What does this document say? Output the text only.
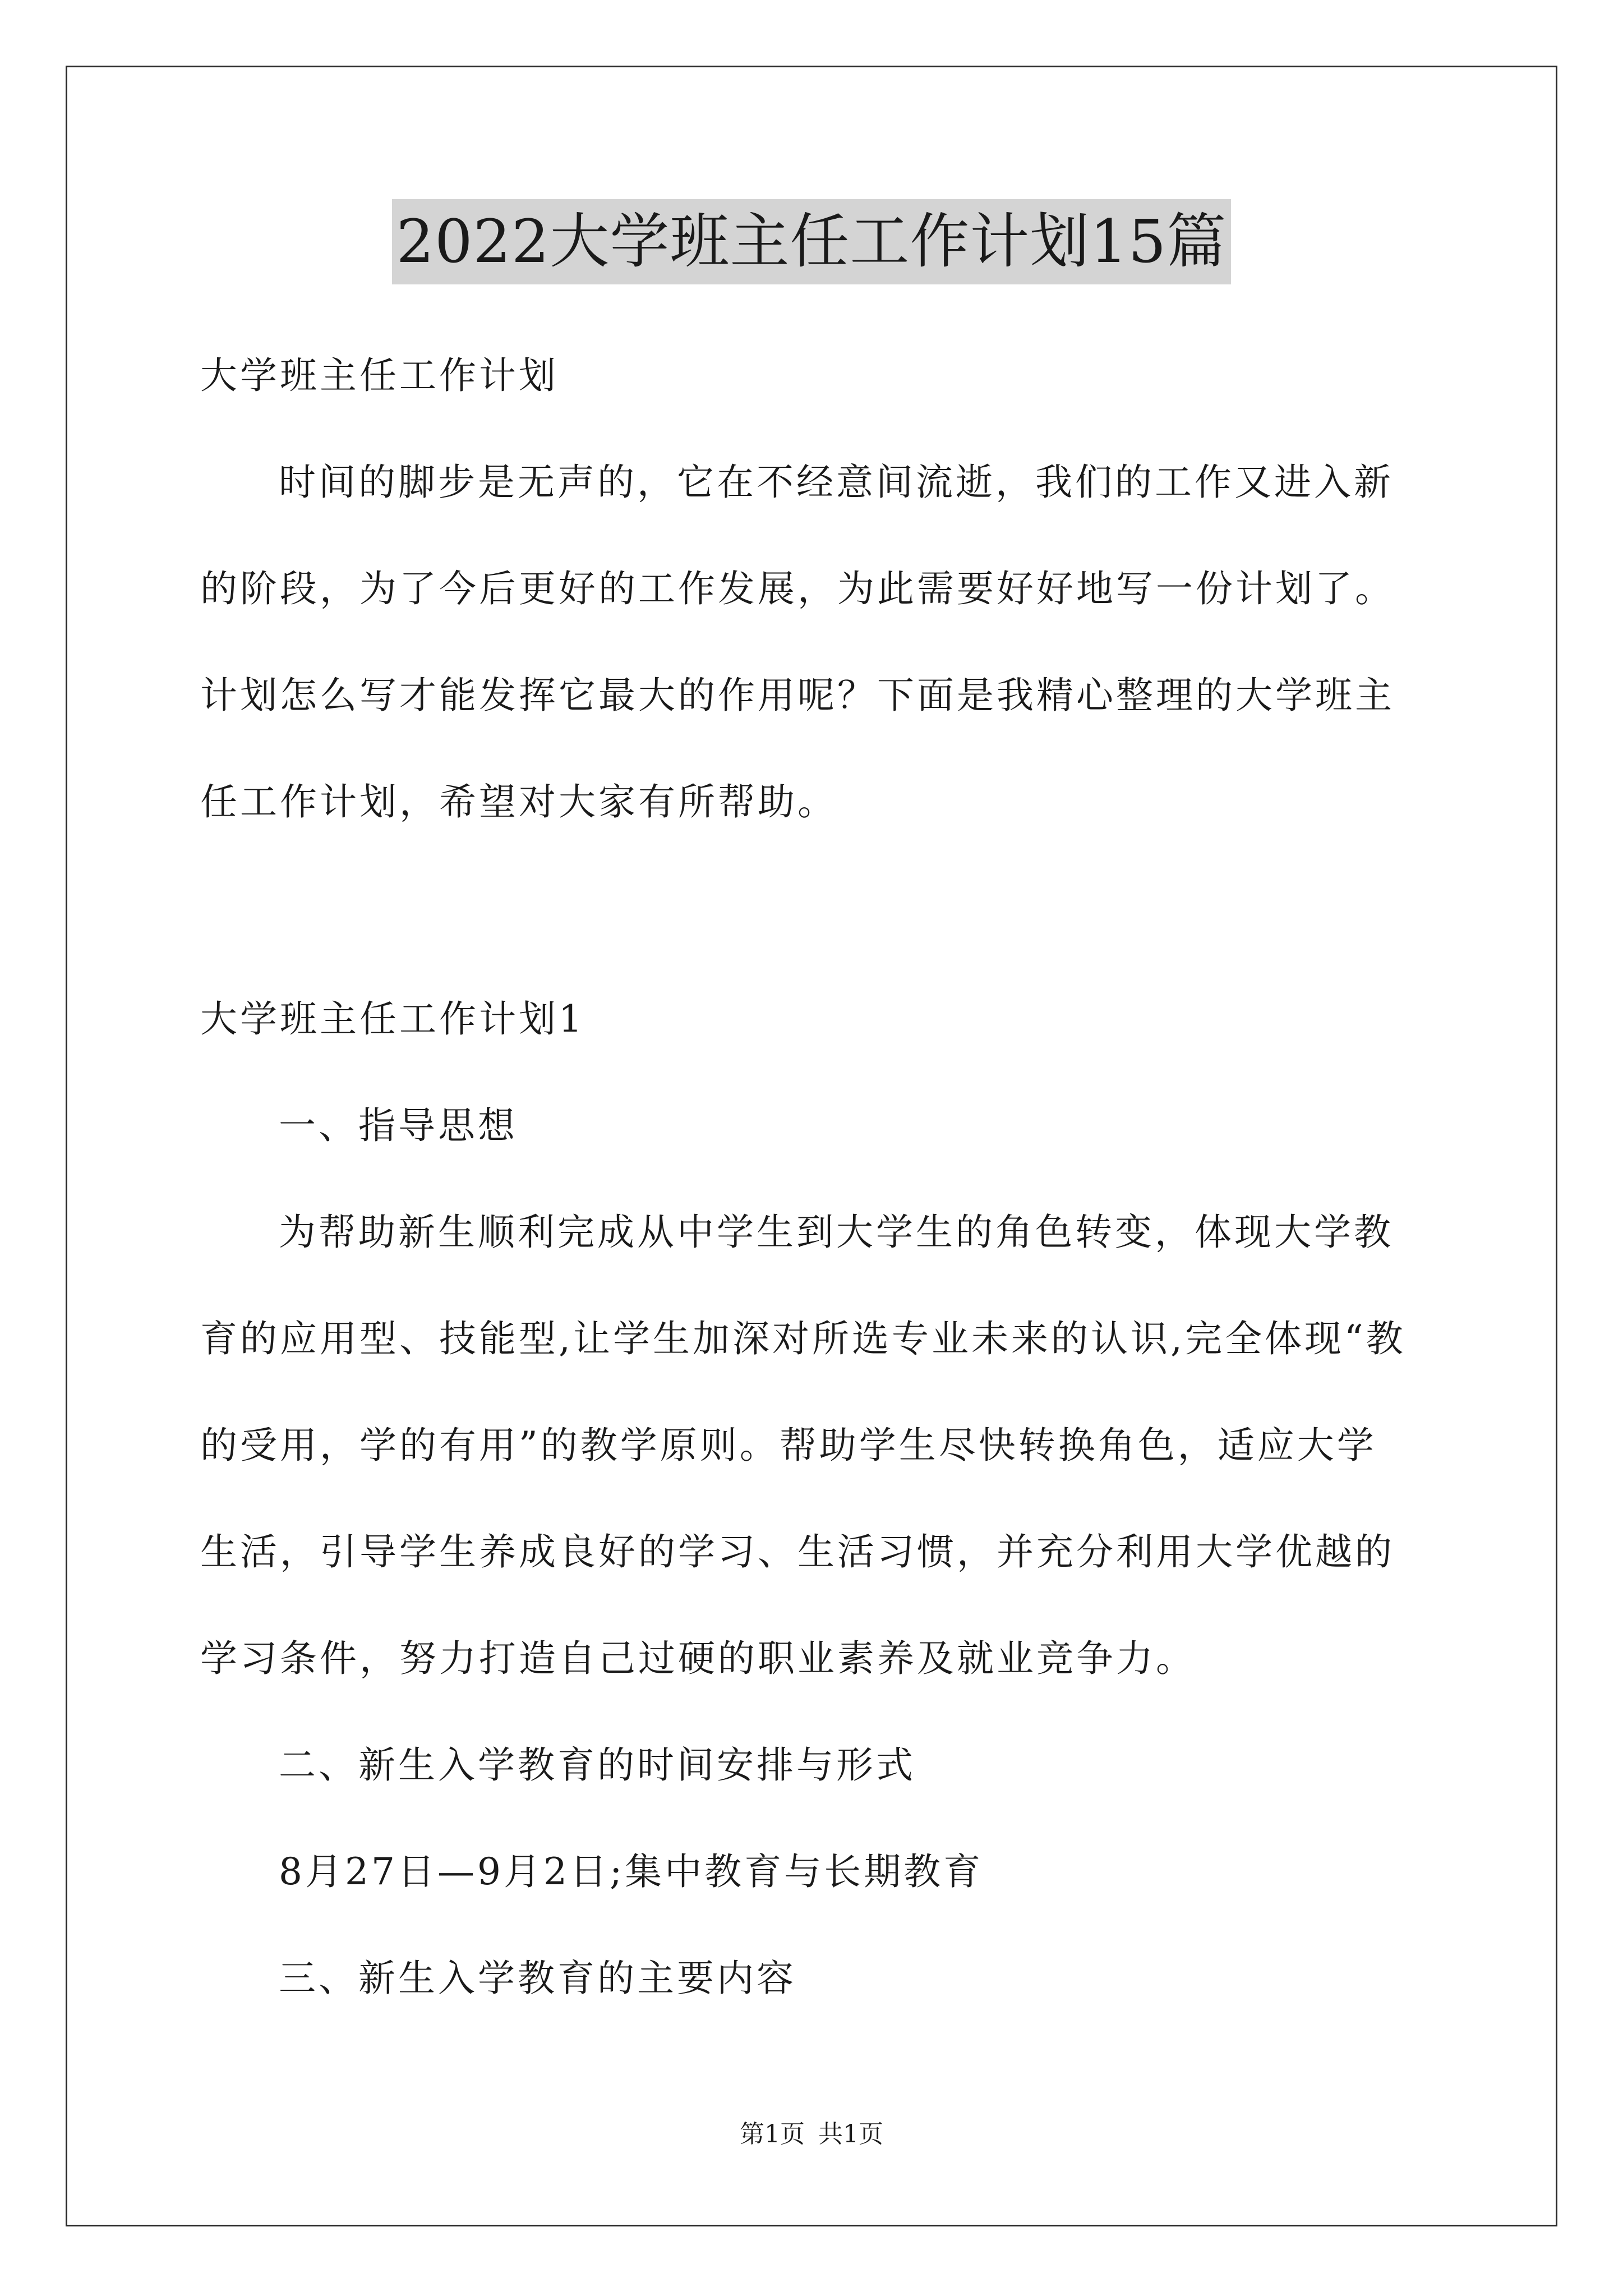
2022大学班主任工作计划15篇
大学班主任工作计划
时间的脚步是无声的，它在不经意间流逝，我们的工作又进入新
的阶段，为了今后更好的工作发展，为此需要好好地写一份计划了。
计划怎么写才能发挥它最大的作用呢？下面是我精心整理的大学班主
任工作计划，希望对大家有所帮助。
大学班主任工作计划1
一、指导思想
为帮助新生顺利完成从中学生到大学生的角色转变，体现大学教
育的应用型、技能型,让学生加深对所选专业未来的认识,完全体现“教
的受用，学的有用”的教学原则。帮助学生尽快转换角色，适应大学
生活，引导学生养成良好的学习、生活习惯，并充分利用大学优越的
学习条件，努力打造自己过硬的职业素养及就业竞争力。
二、新生入学教育的时间安排与形式
8月27日—9月2日;集中教育与长期教育
三、新生入学教育的主要内容
第1页 共1页
